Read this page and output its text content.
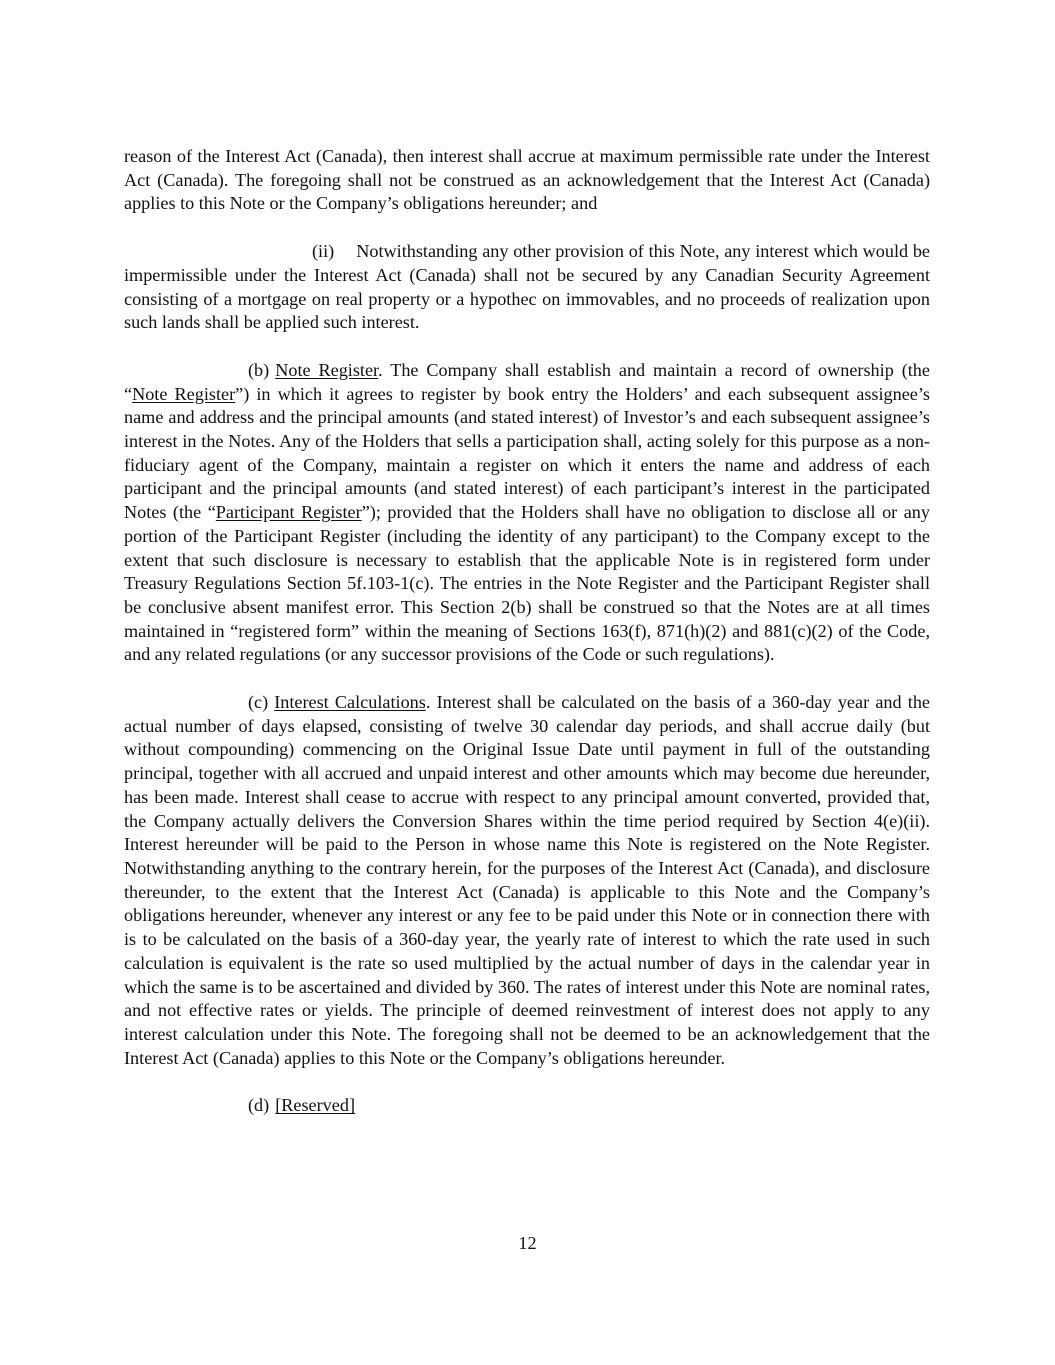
reason of the Interest Act (Canada), then interest shall accrue at maximum permissible rate under the Interest Act (Canada). The foregoing shall not be construed as an acknowledgement that the Interest Act (Canada) applies to this Note or the Company’s obligations hereunder; and

(ii) Notwithstanding any other provision of this Note, any interest which would be impermissible under the Interest Act (Canada) shall not be secured by any Canadian Security Agreement consisting of a mortgage on real property or a hypothec on immovables, and no proceeds of realization upon such lands shall be applied such interest.

(b) Note Register. The Company shall establish and maintain a record of ownership (the “Note Register”) in which it agrees to register by book entry the Holders’ and each subsequent assignee’s name and address and the principal amounts (and stated interest) of Investor’s and each subsequent assignee’s interest in the Notes. Any of the Holders that sells a participation shall, acting solely for this purpose as a non-fiduciary agent of the Company, maintain a register on which it enters the name and address of each participant and the principal amounts (and stated interest) of each participant’s interest in the participated Notes (the “Participant Register”); provided that the Holders shall have no obligation to disclose all or any portion of the Participant Register (including the identity of any participant) to the Company except to the extent that such disclosure is necessary to establish that the applicable Note is in registered form under Treasury Regulations Section 5f.103-1(c). The entries in the Note Register and the Participant Register shall be conclusive absent manifest error. This Section 2(b) shall be construed so that the Notes are at all times maintained in “registered form” within the meaning of Sections 163(f), 871(h)(2) and 881(c)(2) of the Code, and any related regulations (or any successor provisions of the Code or such regulations).

(c) Interest Calculations. Interest shall be calculated on the basis of a 360-day year and the actual number of days elapsed, consisting of twelve 30 calendar day periods, and shall accrue daily (but without compounding) commencing on the Original Issue Date until payment in full of the outstanding principal, together with all accrued and unpaid interest and other amounts which may become due hereunder, has been made. Interest shall cease to accrue with respect to any principal amount converted, provided that, the Company actually delivers the Conversion Shares within the time period required by Section 4(e)(ii). Interest hereunder will be paid to the Person in whose name this Note is registered on the Note Register. Notwithstanding anything to the contrary herein, for the purposes of the Interest Act (Canada), and disclosure thereunder, to the extent that the Interest Act (Canada) is applicable to this Note and the Company’s obligations hereunder, whenever any interest or any fee to be paid under this Note or in connection there with is to be calculated on the basis of a 360-day year, the yearly rate of interest to which the rate used in such calculation is equivalent is the rate so used multiplied by the actual number of days in the calendar year in which the same is to be ascertained and divided by 360. The rates of interest under this Note are nominal rates, and not effective rates or yields. The principle of deemed reinvestment of interest does not apply to any interest calculation under this Note. The foregoing shall not be deemed to be an acknowledgement that the Interest Act (Canada) applies to this Note or the Company’s obligations hereunder.

(d) [Reserved]

12
